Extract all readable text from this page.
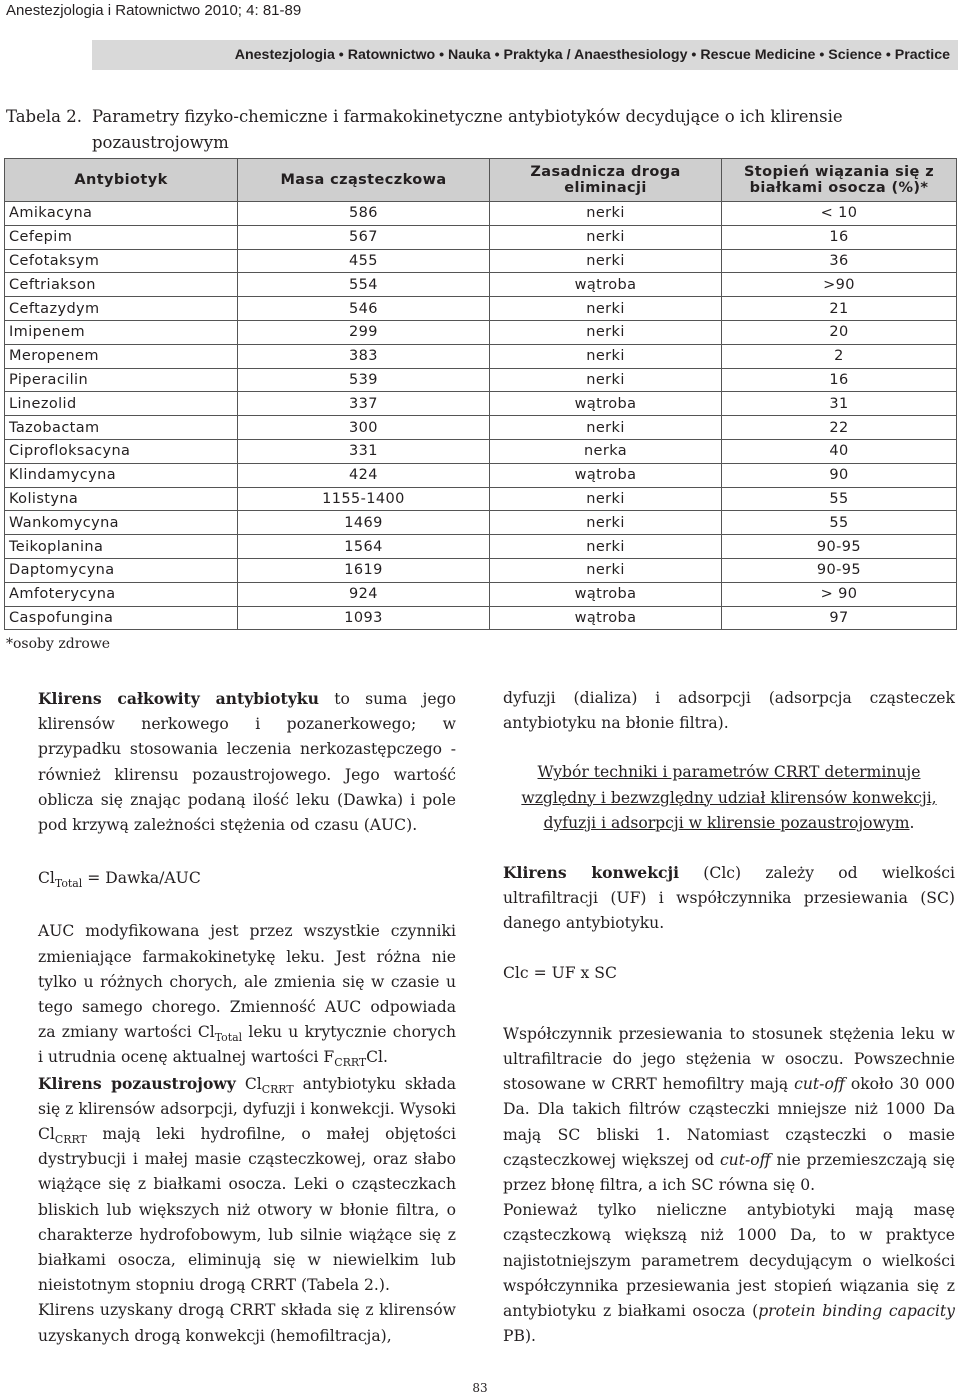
Anestezjologia i Ratownictwo 2010; 4: 81-89
Anestezjologia • Ratownictwo • Nauka • Praktyka / Anaesthesiology • Rescue Medicine • Science • Practice
Tabela 2. Parametry fizyko-chemiczne i farmakokinetyczne antybiotyków decydujące o ich klirensie pozaustrojowym
Antybiotyk	Masa cząsteczkowa	Zasadnicza droga eliminacji	Stopień wiązania się z białkami osocza (%)*
Amikacyna	586	nerki	< 10
Cefepim	567	nerki	16
Cefotaksym	455	nerki	36
Ceftriakson	554	wątroba	>90
Ceftazydym	546	nerki	21
Imipenem	299	nerki	20
Meropenem	383	nerki	2
Piperacilin	539	nerki	16
Linezolid	337	wątroba	31
Tazobactam	300	nerki	22
Ciprofloksacyna	331	nerka	40
Klindamycyna	424	wątroba	90
Kolistyna	1155-1400	nerki	55
Wankomycyna	1469	nerki	55
Teikoplanina	1564	nerki	90-95
Daptomycyna	1619	nerki	90-95
Amfoterycyna	924	wątroba	> 90
Caspofungina	1093	wątroba	97
*osoby zdrowe

Klirens całkowity antybiotyku to suma jego klirensów nerkowego i pozanerkowego; w przypadku stosowania leczenia nerkozastępczego - również klirensu pozaustrojowego. Jego wartość oblicza się znając podaną ilość leku (Dawka) i pole pod krzywą zależności stężenia od czasu (AUC).

$Cl_{Total}$ = Dawka/AUC

AUC modyfikowana jest przez wszystkie czynniki zmieniające farmakokinetykę leku. Jest różna nie tylko u różnych chorych, ale zmienia się w czasie u tego samego chorego. Zmienność AUC odpowiada za zmiany wartości $Cl_{Total}$ leku u krytycznie chorych i utrudnia ocenę aktualnej wartości $F_{CRRT}Cl$.

Klirens pozaustrojowy $Cl_{CRRT}$ antybiotyku składa się z klirensów adsorpcji, dyfuzji i konwekcji. Wysoki $Cl_{CRRT}$ mają leki hydrofilne, o małej objętości dystrybucji i małej masie cząsteczkowej, oraz słabo wiążące się z białkami osocza. Leki o cząsteczkach bliskich lub większych niż otwory w błonie filtra, o charakterze hydrofobowym, lub silnie wiążące się z białkami osocza, eliminują się w niewielkim lub nieistotnym stopniu drogą CRRT (Tabela 2.).

Klirens uzyskany drogą CRRT składa się z klirensów uzyskanych drogą konwekcji (hemofiltracja),

dyfuzji (dializa) i adsorpcji (adsorpcja cząsteczek antybiotyku na błonie filtra).

Wybór techniki i parametrów CRRT determinuje względny i bezwzględny udział klirensów konwekcji, dyfuzji i adsorpcji w klirensie pozaustrojowym.

Klirens konwekcji (Clc) zależy od wielkości ultrafiltracji (UF) i współczynnika przesiewania (SC) danego antybiotyku.

Clc = UF x SC

Współczynnik przesiewania to stosunek stężenia leku w ultrafiltracie do jego stężenia w osoczu. Powszechnie stosowane w CRRT hemofiltry mają cut-off około 30 000 Da. Dla takich filtrów cząsteczki mniejsze niż 1000 Da mają SC bliski 1. Natomiast cząsteczki o masie cząsteczkowej większej od cut-off nie przemieszczają się przez błonę filtra, a ich SC równa się 0.

Ponieważ tylko nieliczne antybiotyki mają masę cząsteczkową większą niż 1000 Da, to w praktyce najistotniejszym parametrem decydującym o wielkości współczynnika przesiewania jest stopień wiązania się z antybiotyku z białkami osocza (protein binding capacity PB).

83
